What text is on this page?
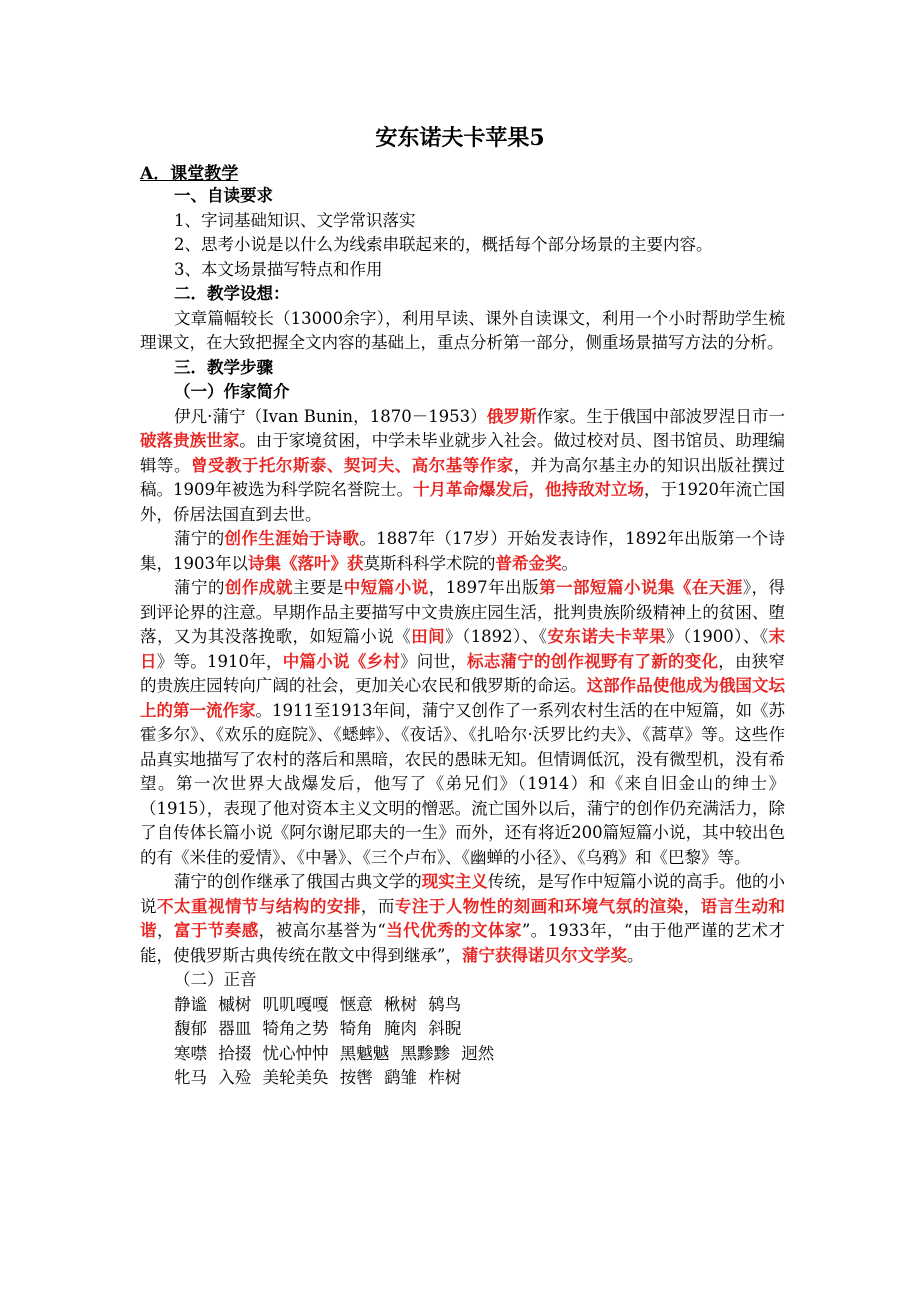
安东诺夫卡苹果5
A．课堂教学

一、自读要求

1、字词基础知识、文学常识落实

2、思考小说是以什么为线索串联起来的，概括每个部分场景的主要内容。

3、本文场景描写特点和作用

二．教学设想：

文章篇幅较长（13000余字），利用早读、课外自读课文，利用一个小时帮助学生梳理课文，在大致把握全文内容的基础上，重点分析第一部分，侧重场景描写方法的分析。

三．教学步骤

（一）作家简介

伊凡·蒲宁（Ivan Bunin，1870－1953）俄罗斯作家。生于俄国中部波罗涅日市一破落贵族世家。由于家境贫困，中学未毕业就步入社会。做过校对员、图书馆员、助理编辑等。曾受教于托尔斯泰、契诃夫、高尔基等作家，并为高尔基主办的知识出版社撰过稿。1909年被选为科学院名誉院士。十月革命爆发后，他持敌对立场，于1920年流亡国外，侨居法国直到去世。

蒲宁的创作生涯始于诗歌。1887年（17岁）开始发表诗作，1892年出版第一个诗集，1903年以诗集《落叶》获莫斯科科学术院的普希金奖。

蒲宁的创作成就主要是中短篇小说，1897年出版第一部短篇小说集《在天涯》，得到评论界的注意。早期作品主要描写中文贵族庄园生活，批判贵族阶级精神上的贫困、堕落，又为其没落挽歌，如短篇小说《田间》（1892）、《安东诺夫卡苹果》（1900）、《末日》等。1910年，中篇小说《乡村》问世，标志蒲宁的创作视野有了新的变化，由狭窄的贵族庄园转向广阔的社会，更加关心农民和俄罗斯的命运。这部作品使他成为俄国文坛上的第一流作家。1911至1913年间，蒲宁又创作了一系列农村生活的在中短篇，如《苏霍多尔》、《欢乐的庭院》、《蟋蟀》、《夜话》、《扎哈尔·沃罗比约夫》、《蒿草》等。这些作品真实地描写了农村的落后和黑暗，农民的愚昧无知。但情调低沉，没有微型机，没有希望。第一次世界大战爆发后，他写了《弟兄们》（1914）和《来自旧金山的绅士》（1915），表现了他对资本主义文明的憎恶。流亡国外以后，蒲宁的创作仍充满活力，除了自传体长篇小说《阿尔谢尼耶夫的一生》而外，还有将近200篇短篇小说，其中较出色的有《米佳的爱情》、《中暑》、《三个卢布》、《幽蝉的小径》、《乌鸦》和《巴黎》等。

蒲宁的创作继承了俄国古典文学的现实主义传统，是写作中短篇小说的高手。他的小说不太重视情节与结构的安排，而专注于人物性的刻画和环境气氛的渲染，语言生动和谐，富于节奏感，被高尔基誉为“当代优秀的文体家”。1933年，“由于他严谨的艺术才能，使俄罗斯古典传统在散文中得到继承”，蒲宁获得诺贝尔文学奖。

（二）正音

静谧 槭树 叽叽嘎嘎 惬意 楸树 鸫鸟

馥郁 器皿 犄角之势 犄角 腌肉 斜睨

寒噤 拾掇 忧心忡忡 黑魆魆 黑黪黪 迥然

牝马 入殓 美轮美奂 按辔 鹞雏 柞树
